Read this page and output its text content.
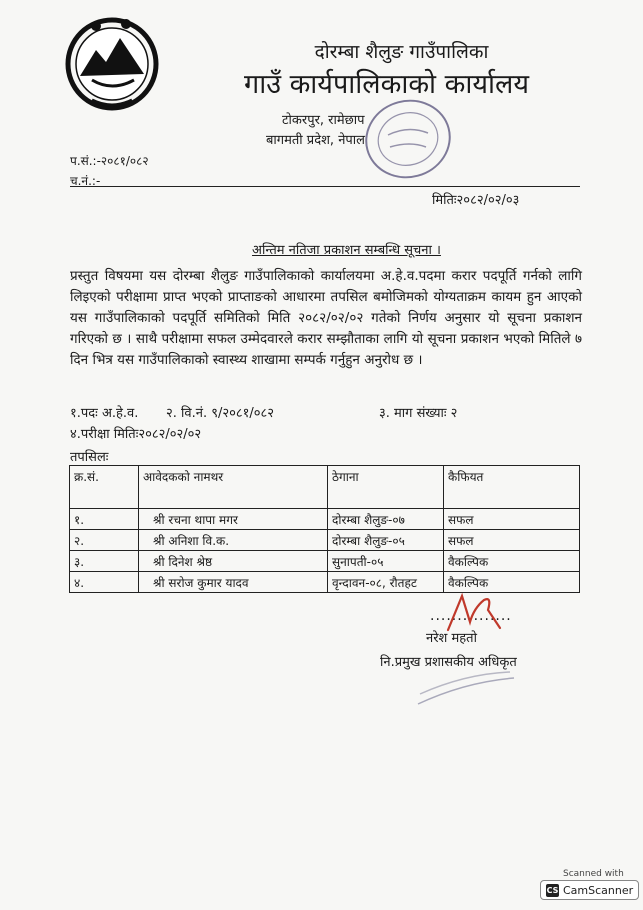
दोरम्बा शैलुङ गाउँपालिका
गाउँ कार्यपालिकाको कार्यालय
टोकरपुर, रामेछाप
बागमती प्रदेश, नेपाल
प.सं.:-२०८१/०८२
च.नं.:-
मितिः२०८२/०२/०३
अन्तिम नतिजा प्रकाशन सम्बन्धि सूचना ।
प्रस्तुत विषयमा यस दोरम्बा शैलुङ गाउँपालिकाको कार्यालयमा अ.हे.व.पदमा करार पदपूर्ति गर्नको लागि लिइएको परीक्षामा प्राप्त भएको प्राप्ताङको आधारमा तपसिल बमोजिमको योग्यताक्रम कायम हुन आएको यस गाउँपालिकाको पदपूर्ति समितिको मिति २०८२/०२/०२ गतेको निर्णय अनुसार यो सूचना प्रकाशन गरिएको छ । साथै परीक्षामा सफल उम्मेदवारले करार सम्झौताका लागि यो सूचना प्रकाशन भएको मितिले ७ दिन भित्र यस गाउँपालिकाको स्वास्थ्य शाखामा सम्पर्क गर्नुहुन अनुरोध छ ।
१.पदः अ.हे.व. २. वि.नं. ९/२०८१/०८२	३. माग संख्याः २
४.परीक्षा मितिः२०८२/०२/०२
तपसिलः
क्र.सं.	आवेदकको नामथर	ठेगाना	कैफियत
१.	श्री रचना थापा मगर	दोरम्बा शैलुङ-०७	सफल
२.	श्री अनिशा वि.क.	दोरम्बा शैलुङ-०५	सफल
३.	श्री दिनेश श्रेष्ठ	सुनापती-०५	वैकल्पिक
४.	श्री सरोज कुमार यादव	वृन्दावन-०८, रौतहट	वैकल्पिक
...............
नरेश महतो
नि.प्रमुख प्रशासकीय अधिकृत
Scanned with
CS CamScanner
